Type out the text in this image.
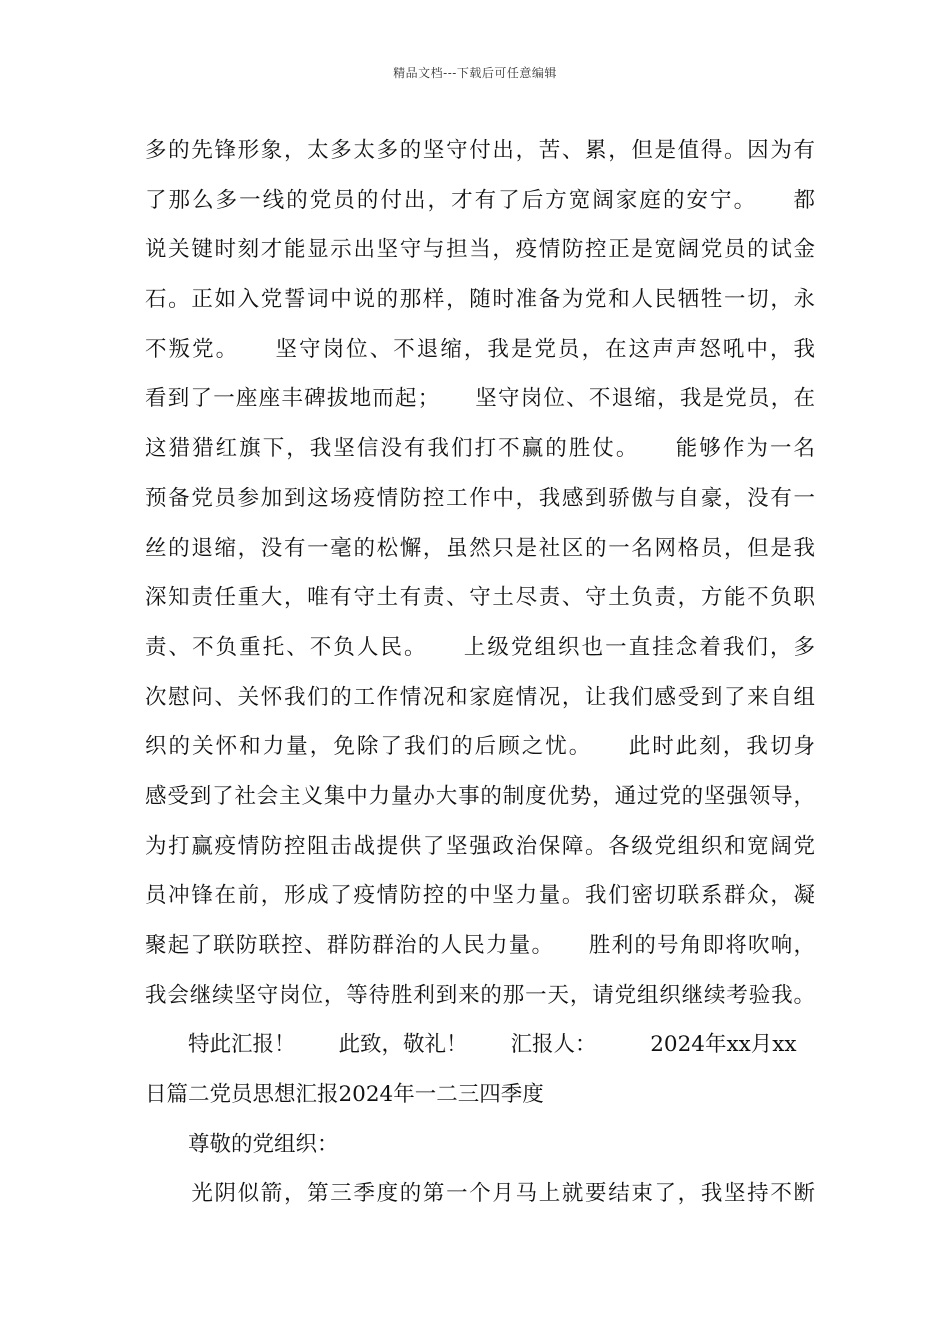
精品文档---下载后可任意编辑
多的先锋形象，太多太多的坚守付出，苦、累，但是值得。因为有
了那么多一线的党员的付出，才有了后方宽阔家庭的安宁。　　都
说关键时刻才能显示出坚守与担当，疫情防控正是宽阔党员的试金
石。正如入党誓词中说的那样，随时准备为党和人民牺牲一切，永
不叛党。　　坚守岗位、不退缩，我是党员，在这声声怒吼中，我
看到了一座座丰碑拔地而起；　　坚守岗位、不退缩，我是党员，在
这猎猎红旗下，我坚信没有我们打不赢的胜仗。　　能够作为一名
预备党员参加到这场疫情防控工作中，我感到骄傲与自豪，没有一
丝的退缩，没有一毫的松懈，虽然只是社区的一名网格员，但是我
深知责任重大，唯有守土有责、守土尽责、守土负责，方能不负职
责、不负重托、不负人民。　　上级党组织也一直挂念着我们，多
次慰问、关怀我们的工作情况和家庭情况，让我们感受到了来自组
织的关怀和力量，免除了我们的后顾之忧。　　此时此刻，我切身
感受到了社会主义集中力量办大事的制度优势，通过党的坚强领导，
为打赢疫情防控阻击战提供了坚强政治保障。各级党组织和宽阔党
员冲锋在前，形成了疫情防控的中坚力量。我们密切联系群众，凝
聚起了联防联控、群防群治的人民力量。　　胜利的号角即将吹响，
我会继续坚守岗位，等待胜利到来的那一天，请党组织继续考验我。
　　特此汇报！　　此致，敬礼！　　汇报人：　　　2024年xx月xx
日篇二党员思想汇报2024年一二三四季度
　　尊敬的党组织：
　　光阴似箭，第三季度的第一个月马上就要结束了，我坚持不断
